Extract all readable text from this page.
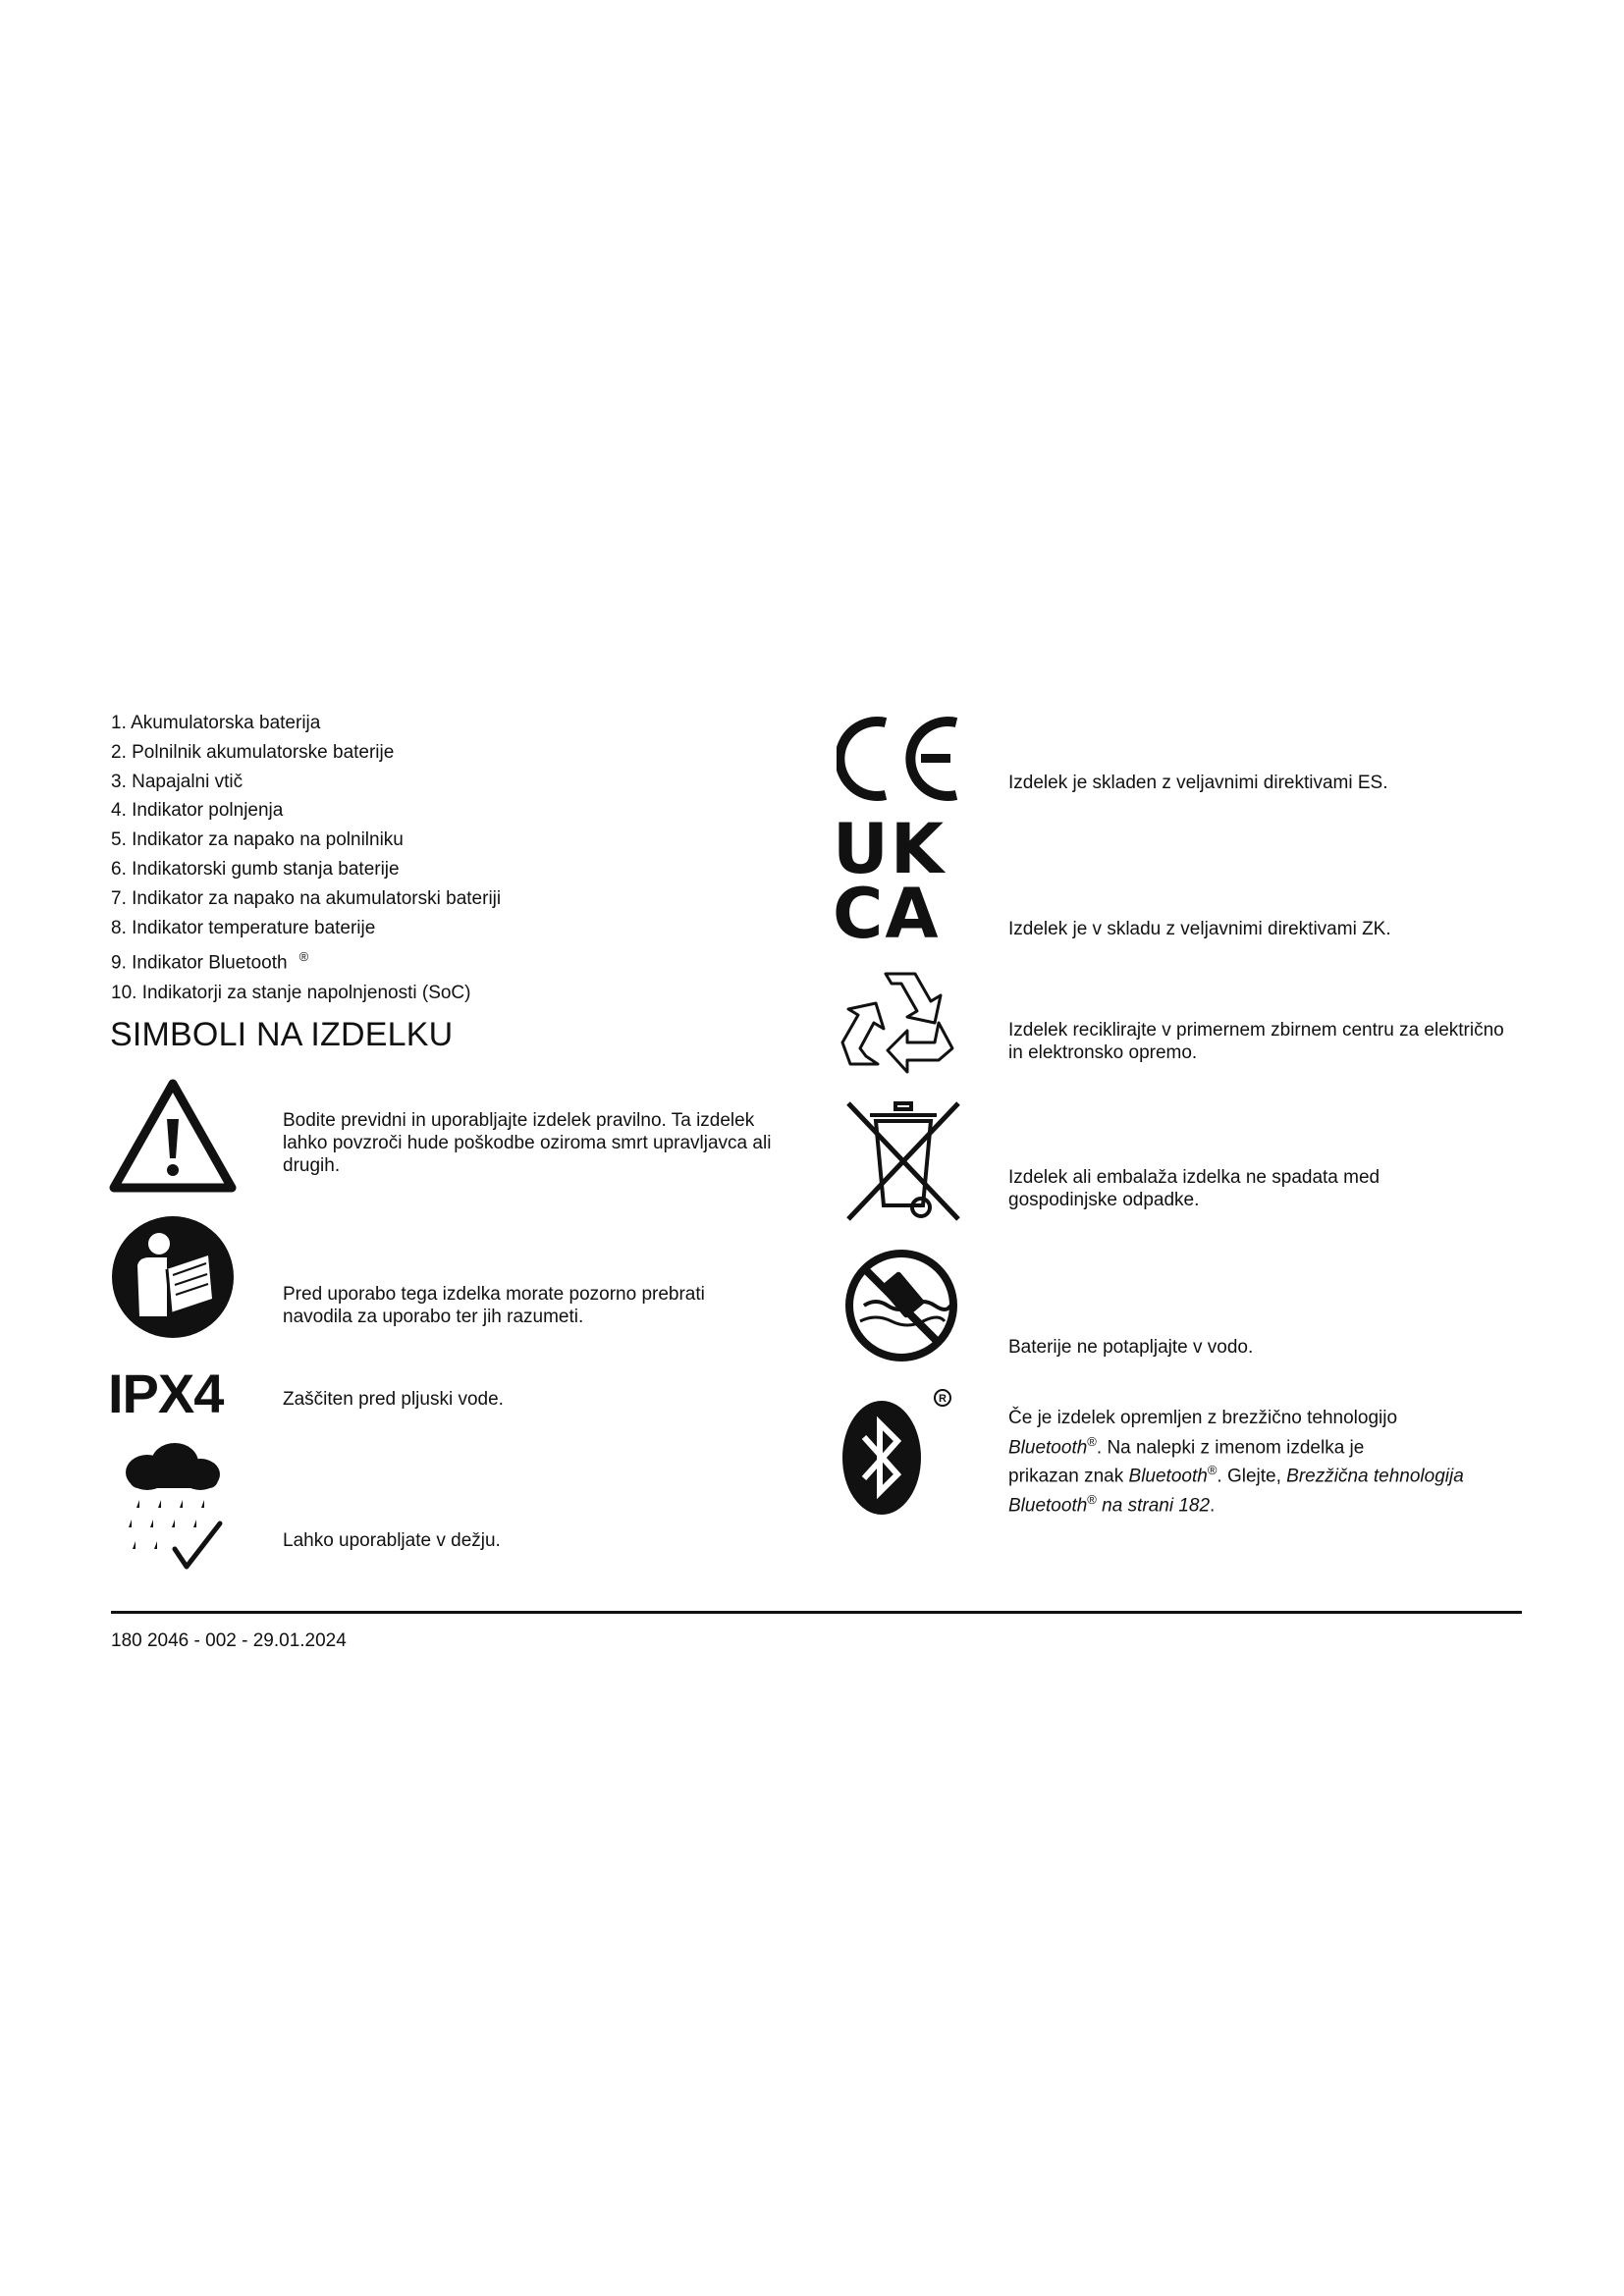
1. Akumulatorska baterija
2. Polnilnik akumulatorske baterije
3. Napajalni vtič
4. Indikator polnjenja
5. Indikator za napako na polnilniku
6. Indikatorski gumb stanja baterije
7. Indikator za napako na akumulatorski bateriji
8. Indikator temperature baterije
9. Indikator Bluetooth ®
10. Indikatorji za stanje napolnjenosti (SoC)
SIMBOLI NA IZDELKU
Bodite previdni in uporabljajte izdelek pravilno. Ta izdelek lahko povzroči hude poškodbe oziroma smrt upravljavca ali drugih.
Pred uporabo tega izdelka morate pozorno prebrati navodila za uporabo ter jih razumeti.
IPX4	Zaščiten pred pljuski vode.
Lahko uporabljate v dežju.
Izdelek je skladen z veljavnimi direktivami ES.
UK
CA	Izdelek je v skladu z veljavnimi direktivami ZK.
Izdelek reciklirajte v primernem zbirnem centru za električno in elektronsko opremo.
Izdelek ali embalaža izdelka ne spadata med gospodinjske odpadke.
Baterije ne potapljajte v vodo.
R
Če je izdelek opremljen z brezžično tehnologijo
Bluetooth®. Na nalepki z imenom izdelka je
prikazan znak Bluetooth®. Glejte, Brezžična tehnologija
Bluetooth® na strani 182.
180 2046 - 002 - 29.01.2024
